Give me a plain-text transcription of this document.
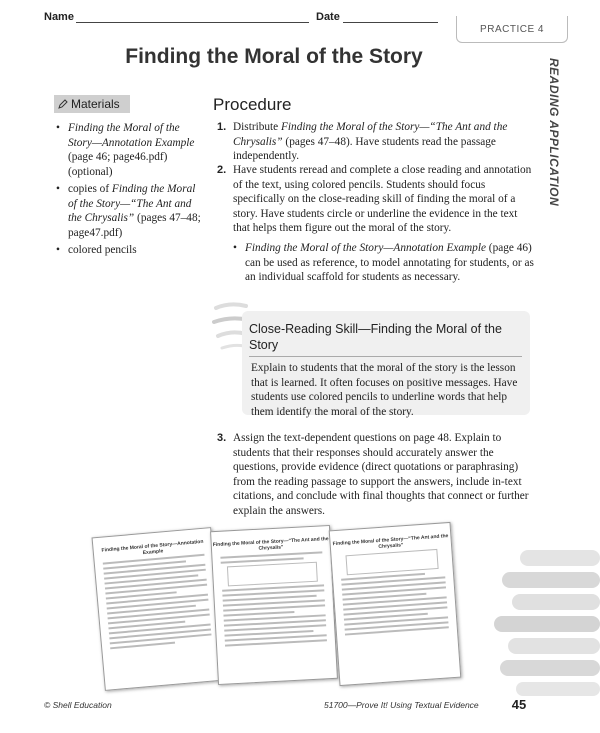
Name	Date
PRACTICE 4
Finding the Moral of the Story
READING APPLICATION
Materials
• Finding the Moral of the Story—Annotation Example (page 46; page46.pdf) (optional)
• copies of Finding the Moral of the Story—“The Ant and the Chrysalis” (pages 47–48; page47.pdf)
• colored pencils
Procedure
1. Distribute Finding the Moral of the Story—“The Ant and the Chrysalis” (pages 47–48). Have students read the passage independently.
2. Have students reread and complete a close reading and annotation of the text, using colored pencils. Students should focus specifically on the close-reading skill of finding the moral of a story. Have students circle or underline the evidence in the text that helps them figure out the moral of the story.
• Finding the Moral of the Story—Annotation Example (page 46) can be used as reference, to model annotating for students, or as an individual scaffold for students as necessary.
Close-Reading Skill—Finding the Moral of the Story
Explain to students that the moral of the story is the lesson that is learned. It often focuses on positive messages. Have students use colored pencils to underline words that help them identify the moral of the story.
3. Assign the text-dependent questions on page 48. Explain to students that their responses should accurately answer the questions, provide evidence (direct quotations or paraphrasing) from the reading passage to support the answers, include in-text citations, and conclude with final thoughts that connect or further explain the answers.
Finding the Moral of the Story—Annotation Example
Finding the Moral of the Story—“The Ant and the Chrysalis”
Finding the Moral of the Story—“The Ant and the Chrysalis”
© Shell Education	51700—Prove It! Using Textual Evidence	45
